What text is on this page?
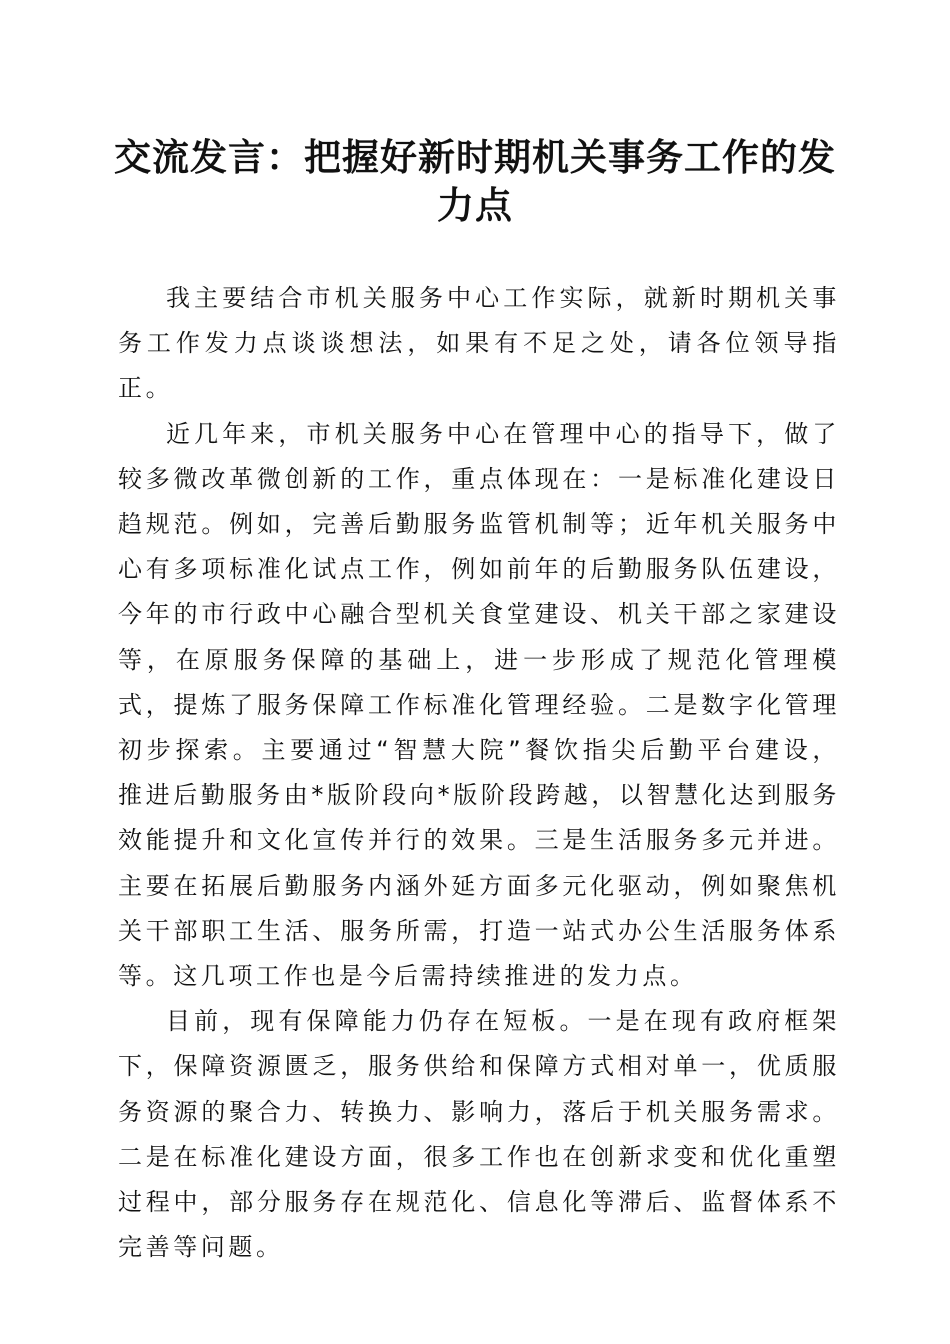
交流发言：把握好新时期机关事务工作的发力点

我主要结合市机关服务中心工作实际，就新时期机关事务工作发力点谈谈想法，如果有不足之处，请各位领导指正。

近几年来，市机关服务中心在管理中心的指导下，做了较多微改革微创新的工作，重点体现在：一是标准化建设日趋规范。例如，完善后勤服务监管机制等；近年机关服务中心有多项标准化试点工作，例如前年的后勤服务队伍建设，今年的市行政中心融合型机关食堂建设、机关干部之家建设等，在原服务保障的基础上，进一步形成了规范化管理模式，提炼了服务保障工作标准化管理经验。二是数字化管理初步探索。主要通过“智慧大院”餐饮指尖后勤平台建设，推进后勤服务由*版阶段向*版阶段跨越，以智慧化达到服务效能提升和文化宣传并行的效果。三是生活服务多元并进。主要在拓展后勤服务内涵外延方面多元化驱动，例如聚焦机关干部职工生活、服务所需，打造一站式办公生活服务体系等。这几项工作也是今后需持续推进的发力点。

目前，现有保障能力仍存在短板。一是在现有政府框架下，保障资源匮乏，服务供给和保障方式相对单一，优质服务资源的聚合力、转换力、影响力，落后于机关服务需求。二是在标准化建设方面，很多工作也在创新求变和优化重塑过程中，部分服务存在规范化、信息化等滞后、监督体系不完善等问题。
